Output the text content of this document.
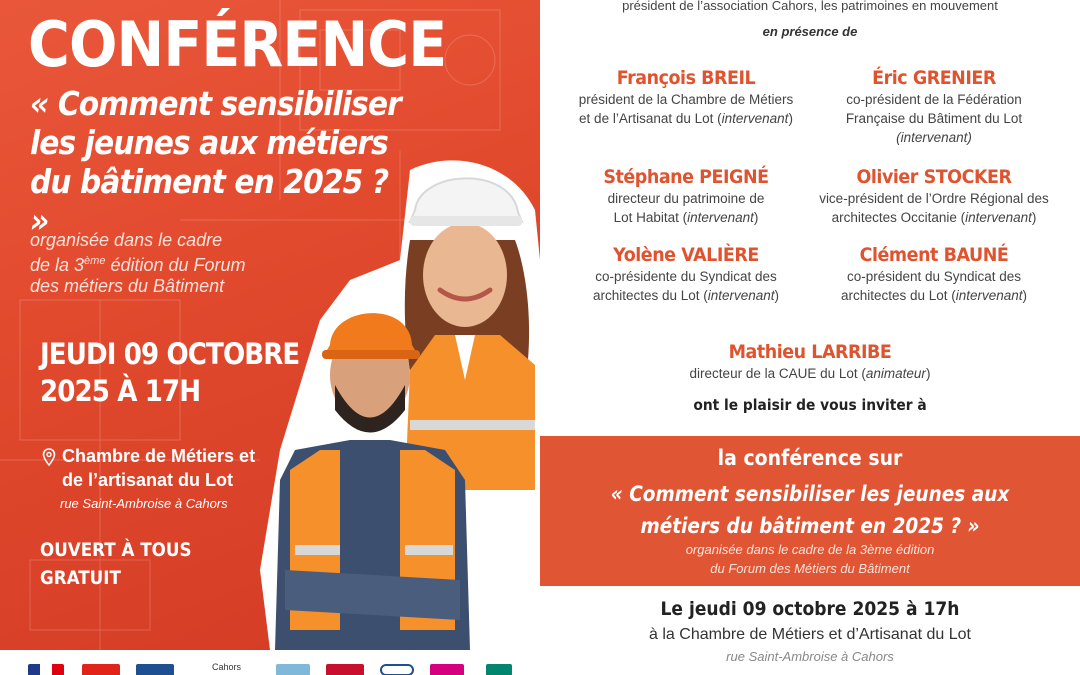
CONFÉRENCE
« Comment sensibiliser les jeunes aux métiers du bâtiment en 2025 ? »
organisée dans le cadre
de la 3ème édition du Forum
des métiers du Bâtiment
JEUDI 09 OCTOBRE
2025 À 17H
Chambre de Métiers et
de l’artisanat du Lot
rue Saint-Ambroise à Cahors
OUVERT À TOUS
GRATUIT
Cahors
président de l’association Cahors, les patrimoines en mouvement
en présence de
François BREIL
président de la Chambre de Métiers
et de l’Artisanat du Lot (intervenant)
Éric GRENIER
co-président de la Fédération
Française du Bâtiment du Lot
(intervenant)
Stéphane PEIGNÉ
directeur du patrimoine de
Lot Habitat (intervenant)
Olivier STOCKER
vice-président de l’Ordre Régional des
architectes Occitanie (intervenant)
Yolène VALIÈRE
co-présidente du Syndicat des
architectes du Lot (intervenant)
Clément BAUNÉ
co-président du Syndicat des
architectes du Lot (intervenant)
Mathieu LARRIBE
directeur de la CAUE du Lot (animateur)
ont le plaisir de vous inviter à
la conférence sur
« Comment sensibiliser les jeunes aux
métiers du bâtiment en 2025 ? »
organisée dans le cadre de la 3ème édition
du Forum des Métiers du Bâtiment
Le jeudi 09 octobre 2025 à 17h
à la Chambre de Métiers et d’Artisanat du Lot
rue Saint-Ambroise à Cahors
